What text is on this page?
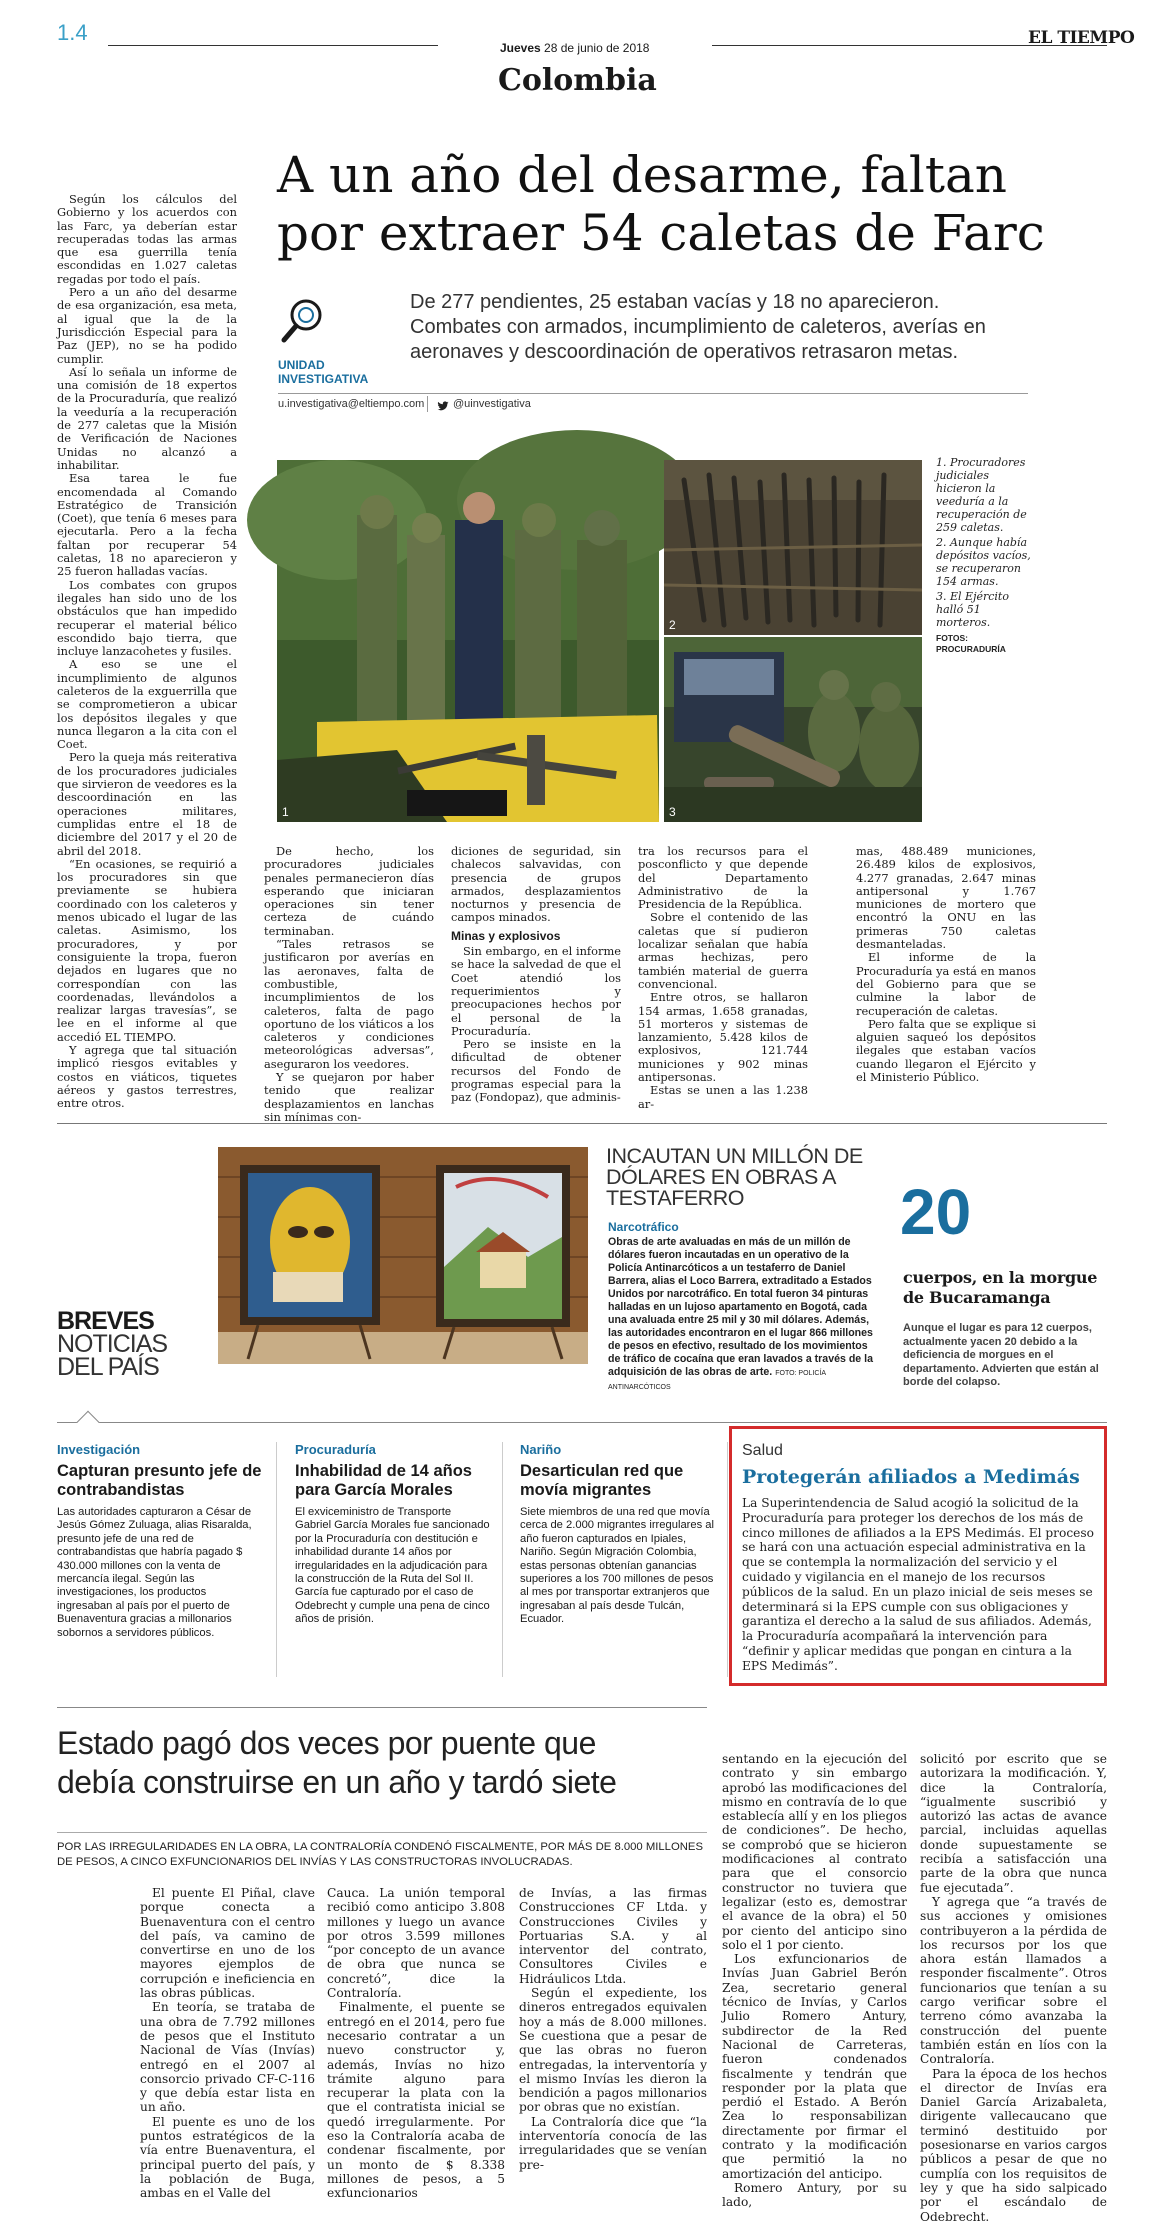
1.4
Jueves 28 de junio de 2018
Colombia
EL TIEMPO
A un año del desarme, faltan
por extraer 54 caletas de Farc
UNIDAD
INVESTIGATIVA
De 277 pendientes, 25 estaban vacías y 18 no aparecieron. Combates con armados, incumplimiento de caleteros, averías en aeronaves y descoordinación de operativos retrasaron metas.
u.investigativa@eltiempo.com	@uinvestigativa

Según los cálculos del Gobierno y los acuerdos con las Farc, ya deberían estar recuperadas todas las armas que esa guerrilla tenía escondidas en 1.027 caletas regadas por todo el país.

Pero a un año del desarme de esa organización, esa meta, al igual que la de la Jurisdicción Especial para la Paz (JEP), no se ha podido cumplir.

Así lo señala un informe de una comisión de 18 expertos de la Procuraduría, que realizó la veeduría a la recuperación de 277 caletas que la Misión de Verificación de Naciones Unidas no alcanzó a inhabilitar.

Esa tarea le fue encomendada al Comando Estratégico de Transición (Coet), que tenía 6 meses para ejecutarla. Pero a la fecha faltan por recuperar 54 caletas, 18 no aparecieron y 25 fueron halladas vacías.

Los combates con grupos ilegales han sido uno de los obstáculos que han impedido recuperar el material bélico escondido bajo tierra, que incluye lanzacohetes y fusiles.

A eso se une el incumplimiento de algunos caleteros de la exguerrilla que se comprometieron a ubicar los depósitos ilegales y que nunca llegaron a la cita con el Coet.

Pero la queja más reiterativa de los procuradores judiciales que sirvieron de veedores es la descoordinación en las operaciones militares, cumplidas entre el 18 de diciembre del 2017 y el 20 de abril del 2018.

“En ocasiones, se requirió a los procuradores sin que previamente se hubiera coordinado con los caleteros y menos ubicado el lugar de las caletas. Asimismo, los procuradores, y por consiguiente la tropa, fueron dejados en lugares que no correspondían con las coordenadas, llevándolos a realizar largas travesías”, se lee en el informe al que accedió EL TIEMPO.

Y agrega que tal situación implicó riesgos evitables y costos en viáticos, tiquetes aéreos y gastos terrestres, entre otros.

1
2
3
1. Procuradores judiciales hicieron la veeduría a la recuperación de 259 caletas.
2. Aunque había depósitos vacíos, se recuperaron 154 armas.
3. El Ejército halló 51 morteros.
FOTOS: PROCURADURÍA

De hecho, los procuradores judiciales penales permanecieron días esperando que iniciaran operaciones sin tener certeza de cuándo terminaban.

“Tales retrasos se justificaron por averías en las aeronaves, falta de combustible, incumplimientos de los caleteros, falta de pago oportuno de los viáticos a los caleteros y condiciones meteorológicas adversas”, aseguraron los veedores.

Y se quejaron por haber tenido que realizar desplazamientos en lanchas sin mínimas con-

diciones de seguridad, sin chalecos salvavidas, con presencia de grupos armados, desplazamientos nocturnos y presencia de campos minados.

Minas y explosivos

Sin embargo, en el informe se hace la salvedad de que el Coet atendió los requerimientos y preocupaciones hechos por el personal de la Procuraduría.

Pero se insiste en la dificultad de obtener recursos del Fondo de programas especial para la paz (Fondopaz), que adminis-

tra los recursos para el posconflicto y que depende del Departamento Administrativo de la Presidencia de la República.

Sobre el contenido de las caletas que sí pudieron localizar señalan que había armas hechizas, pero también material de guerra convencional.

Entre otros, se hallaron 154 armas, 1.658 granadas, 51 morteros y sistemas de lanzamiento, 5.428 kilos de explosivos, 121.744 municiones y 902 minas antipersonas.

Estas se unen a las 1.238 ar-

mas, 488.489 municiones, 26.489 kilos de explosivos, 4.277 granadas, 2.647 minas antipersonal y 1.767 municiones de mortero que encontró la ONU en las primeras 750 caletas desmanteladas.

El informe de la Procuraduría ya está en manos del Gobierno para que se culmine la labor de recuperación de caletas.

Pero falta que se explique si alguien saqueó los depósitos ilegales que estaban vacíos cuando llegaron el Ejército y el Ministerio Público.

BREVES
NOTICIAS
DEL PAÍS
INCAUTAN UN MILLÓN DE DÓLARES EN OBRAS A TESTAFERRO
Narcotráfico
Obras de arte avaluadas en más de un millón de dólares fueron incautadas en un operativo de la Policía Antinarcóticos a un testaferro de Daniel Barrera, alias el Loco Barrera, extraditado a Estados Unidos por narcotráfico. En total fueron 34 pinturas halladas en un lujoso apartamento en Bogotá, cada una avaluada entre 25 mil y 30 mil dólares. Además, las autoridades encontraron en el lugar 866 millones de pesos en efectivo, resultado de los movimientos de tráfico de cocaína que eran lavados a través de la adquisición de las obras de arte. FOTO: POLICÍA ANTINARCÓTICOS
20
cuerpos, en la morgue de Bucaramanga
Aunque el lugar es para 12 cuerpos, actualmente yacen 20 debido a la deficiencia de morgues en el departamento. Advierten que están al borde del colapso.
Investigación
Capturan presunto jefe de contrabandistas
Las autoridades capturaron a César de Jesús Gómez Zuluaga, alias Risaralda, presunto jefe de una red de contrabandistas que habría pagado $ 430.000 millones con la venta de mercancía ilegal. Según las investigaciones, los productos ingresaban al país por el puerto de Buenaventura gracias a millonarios sobornos a servidores públicos.
Procuraduría
Inhabilidad de 14 años para García Morales
El exviceministro de Transporte Gabriel García Morales fue sancionado por la Procuraduría con destitución e inhabilidad durante 14 años por irregularidades en la adjudicación para la construcción de la Ruta del Sol II. García fue capturado por el caso de Odebrecht y cumple una pena de cinco años de prisión.
Nariño
Desarticulan red que movía migrantes
Siete miembros de una red que movía cerca de 2.000 migrantes irregulares al año fueron capturados en Ipiales, Nariño. Según Migración Colombia, estas personas obtenían ganancias superiores a los 700 millones de pesos al mes por transportar extranjeros que ingresaban al país desde Tulcán, Ecuador.
Salud
Protegerán afiliados a Medimás
La Superintendencia de Salud acogió la solicitud de la Procuraduría para proteger los derechos de los más de cinco millones de afiliados a la EPS Medimás. El proceso se hará con una actuación especial administrativa en la que se contempla la normalización del servicio y el cuidado y vigilancia en el manejo de los recursos públicos de la salud. En un plazo inicial de seis meses se determinará si la EPS cumple con sus obligaciones y garantiza el derecho a la salud de sus afiliados. Además, la Procuraduría acompañará la intervención para “definir y aplicar medidas que pongan en cintura a la EPS Medimás”.
Estado pagó dos veces por puente que
debía construirse en un año y tardó siete
POR LAS IRREGULARIDADES EN LA OBRA, LA CONTRALORÍA CONDENÓ FISCALMENTE, POR MÁS DE 8.000 MILLONES DE PESOS, A CINCO EXFUNCIONARIOS DEL INVÍAS Y LAS CONSTRUCTORAS INVOLUCRADAS.

El puente El Piñal, clave porque conecta a Buenaventura con el centro del país, va camino de convertirse en uno de los mayores ejemplos de corrupción e ineficiencia en las obras públicas.

En teoría, se trataba de una obra de 7.792 millones de pesos que el Instituto Nacional de Vías (Invías) entregó en el 2007 al consorcio privado CF-C-116 y que debía estar lista en un año.

El puente es uno de los puntos estratégicos de la vía entre Buenaventura, el principal puerto del país, y la población de Buga, ambas en el Valle del

Cauca. La unión temporal recibió como anticipo 3.808 millones y luego un avance por otros 3.599 millones “por concepto de un avance de obra que nunca se concretó”, dice la Contraloría.

Finalmente, el puente se entregó en el 2014, pero fue necesario contratar a un nuevo constructor y, además, Invías no hizo trámite alguno para recuperar la plata con la que el contratista inicial se quedó irregularmente. Por eso la Contraloría acaba de condenar fiscalmente, por un monto de $ 8.338 millones de pesos, a 5 exfuncionarios

de Invías, a las firmas Construcciones CF Ltda. y Construcciones Civiles y Portuarias S.A. y al interventor del contrato, Consultores Civiles e Hidráulicos Ltda.

Según el expediente, los dineros entregados equivalen hoy a más de 8.000 millones. Se cuestiona que a pesar de que las obras no fueron entregadas, la interventoría y el mismo Invías les dieron la bendición a pagos millonarios por obras que no existían.

La Contraloría dice que “la interventoría conocía de las irregularidades que se venían pre-

sentando en la ejecución del contrato y sin embargo aprobó las modificaciones del mismo en contravía de lo que establecía allí y en los pliegos de condiciones”. De hecho, se comprobó que se hicieron modificaciones al contrato para que el consorcio constructor no tuviera que legalizar (esto es, demostrar el avance de la obra) el 50 por ciento del anticipo sino solo el 1 por ciento.

Los exfuncionarios de Invías Juan Gabriel Berón Zea, secretario general técnico de Invías, y Carlos Julio Romero Antury, subdirector de la Red Nacional de Carreteras, fueron condenados fiscalmente y tendrán que responder por la plata que perdió el Estado. A Berón Zea lo responsabilizan directamente por firmar el contrato y la modificación que permitió la no amortización del anticipo.

Romero Antury, por su lado,

solicitó por escrito que se autorizara la modificación. Y, dice la Contraloría, “igualmente suscribió y autorizó las actas de avance parcial, incluidas aquellas donde supuestamente se recibía a satisfacción una parte de la obra que nunca fue ejecutada”.

Y agrega que “a través de sus acciones y omisiones contribuyeron a la pérdida de los recursos por los que ahora están llamados a responder fiscalmente”. Otros funcionarios que tenían a su cargo verificar sobre el terreno cómo avanzaba la construcción del puente también están en líos con la Contraloría.

Para la época de los hechos el director de Invías era Daniel García Arizabaleta, dirigente vallecaucano que terminó destituido por posesionarse en varios cargos públicos a pesar de que no cumplía con los requisitos de ley y que ha sido salpicado por el escándalo de Odebrecht.
